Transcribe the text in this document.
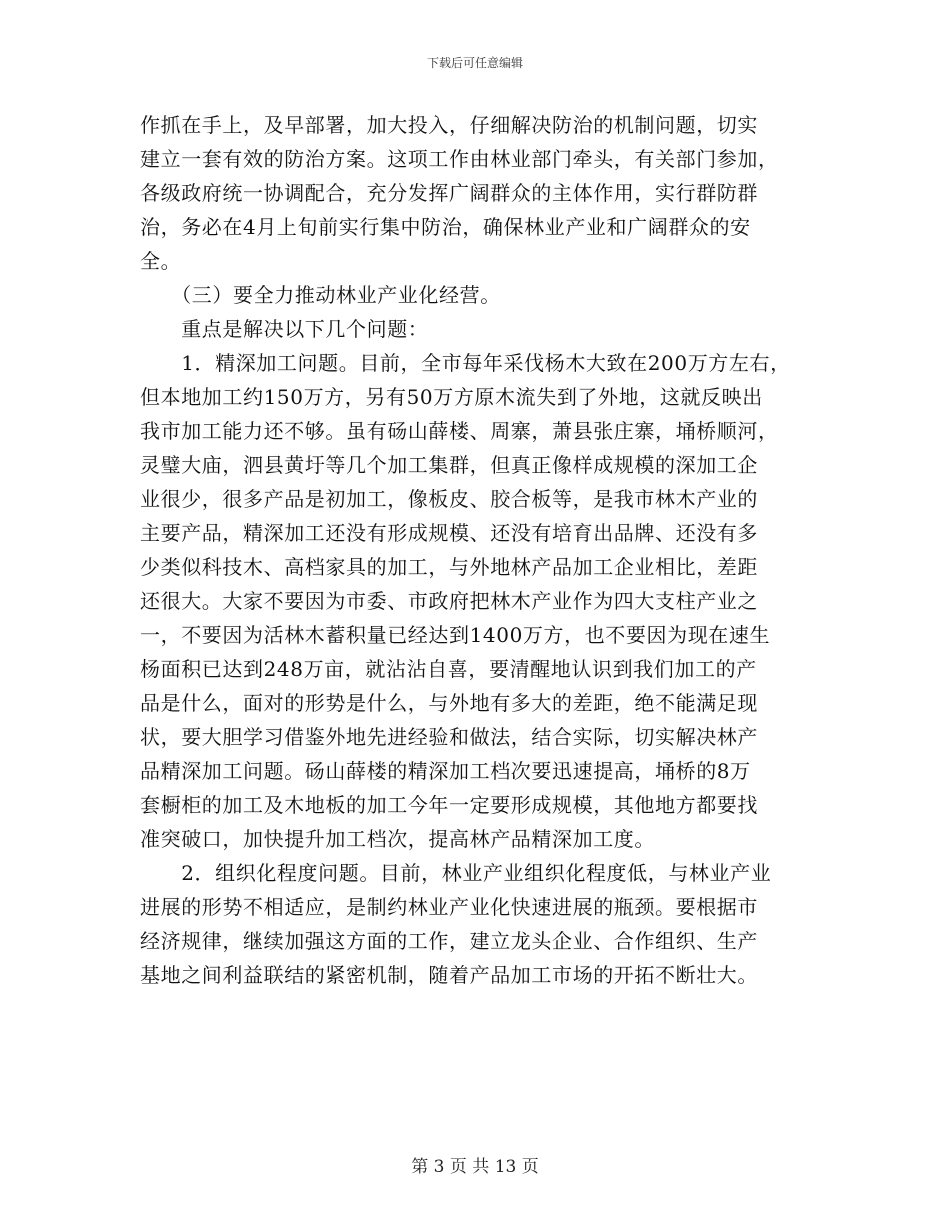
下载后可任意编辑
作抓在手上，及早部署，加大投入，仔细解决防治的机制问题，切实
建立一套有效的防治方案。这项工作由林业部门牵头，有关部门参加，
各级政府统一协调配合，充分发挥广阔群众的主体作用，实行群防群
治，务必在4月上旬前实行集中防治，确保林业产业和广阔群众的安
全。
　　（三）要全力推动林业产业化经营。
　　重点是解决以下几个问题：
　　1．精深加工问题。目前，全市每年采伐杨木大致在200万方左右，
但本地加工约150万方，另有50万方原木流失到了外地，这就反映出
我市加工能力还不够。虽有砀山薛楼、周寨，萧县张庄寨，埇桥顺河，
灵璧大庙，泗县黄圩等几个加工集群，但真正像样成规模的深加工企
业很少，很多产品是初加工，像板皮、胶合板等，是我市林木产业的
主要产品，精深加工还没有形成规模、还没有培育出品牌、还没有多
少类似科技木、高档家具的加工，与外地林产品加工企业相比，差距
还很大。大家不要因为市委、市政府把林木产业作为四大支柱产业之
一，不要因为活林木蓄积量已经达到1400万方，也不要因为现在速生
杨面积已达到248万亩，就沾沾自喜，要清醒地认识到我们加工的产
品是什么，面对的形势是什么，与外地有多大的差距，绝不能满足现
状，要大胆学习借鉴外地先进经验和做法，结合实际，切实解决林产
品精深加工问题。砀山薛楼的精深加工档次要迅速提高，埇桥的8万
套橱柜的加工及木地板的加工今年一定要形成规模，其他地方都要找
准突破口，加快提升加工档次，提高林产品精深加工度。
　　2．组织化程度问题。目前，林业产业组织化程度低，与林业产业
进展的形势不相适应，是制约林业产业化快速进展的瓶颈。要根据市
经济规律，继续加强这方面的工作，建立龙头企业、合作组织、生产
基地之间利益联结的紧密机制，随着产品加工市场的开拓不断壮大。
第 3 页 共 13 页
